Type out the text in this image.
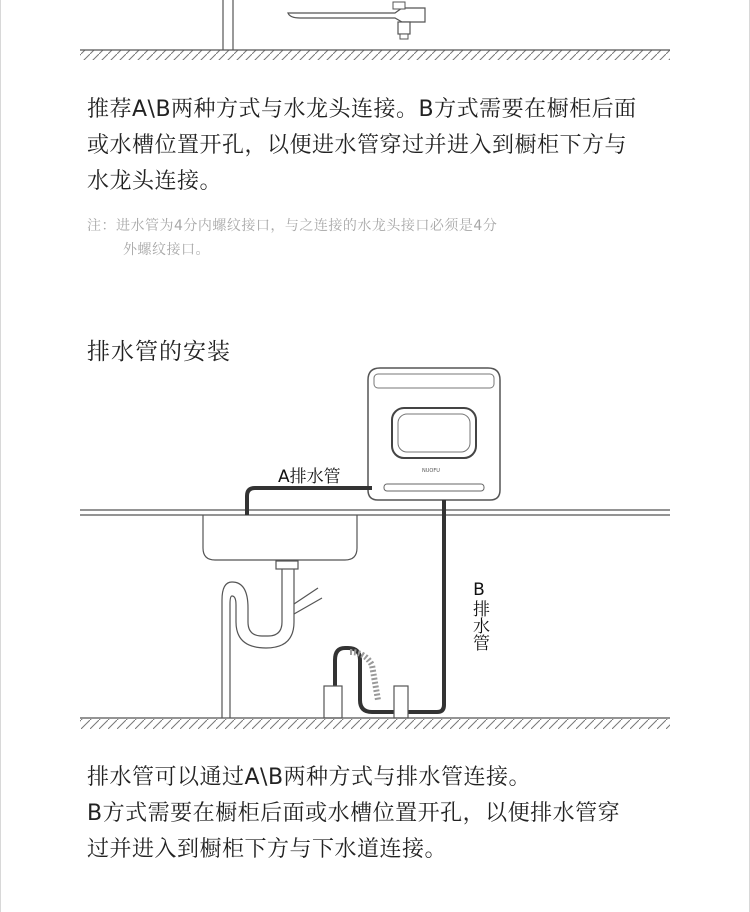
NUOFU
推荐A\B两种方式与水龙头连接。B方式需要在橱柜后面
或水槽位置开孔，以便进水管穿过并进入到橱柜下方与
水龙头连接。
注：进水管为4分内螺纹接口，与之连接的水龙头接口必须是4分
外螺纹接口。
排水管的安装
A排水管
B排水管
排水管可以通过A\B两种方式与排水管连接。
B方式需要在橱柜后面或水槽位置开孔，以便排水管穿
过并进入到橱柜下方与下水道连接。
